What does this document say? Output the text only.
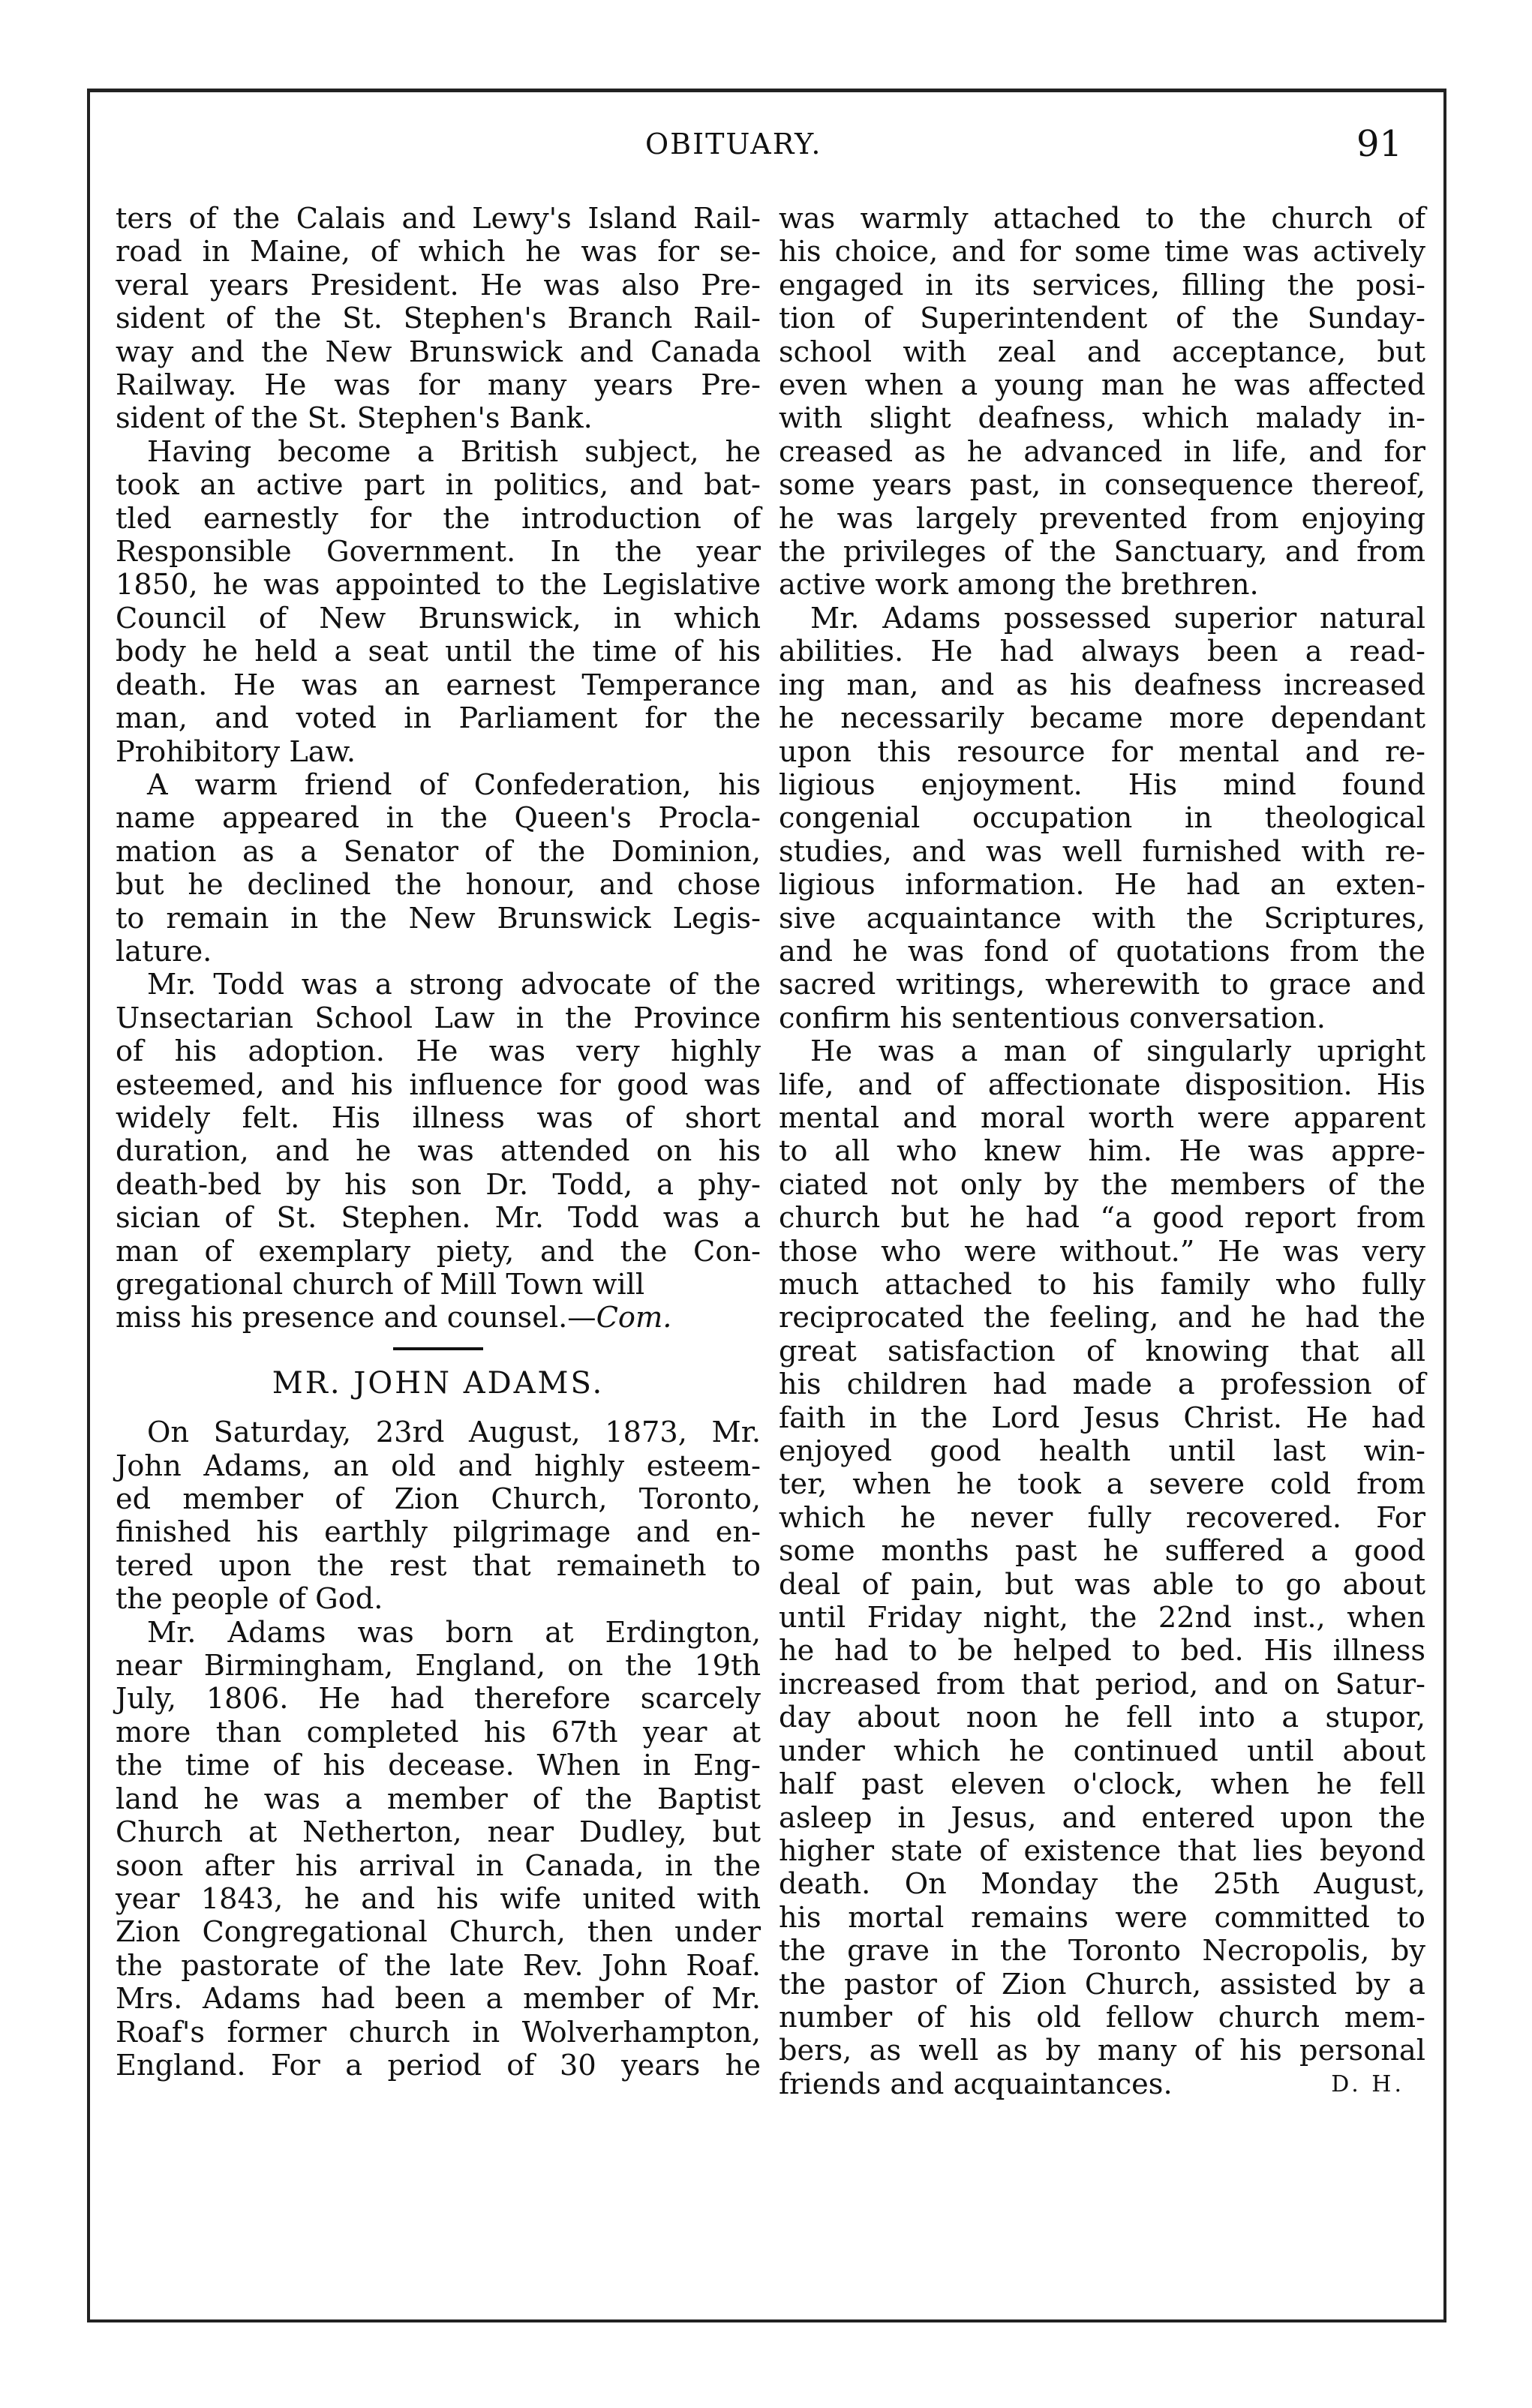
OBITUARY.	91

ters of the Calais and Lewy's Island Rail-
road in Maine, of which he was for se-
veral years President. He was also Pre-
sident of the St. Stephen's Branch Rail-
way and the New Brunswick and Canada
Railway. He was for many years Pre-
sident of the St. Stephen's Bank.

Having become a British subject, he
took an active part in politics, and bat-
tled earnestly for the introduction of
Responsible Government. In the year
1850, he was appointed to the Legislative
Council of New Brunswick, in which
body he held a seat until the time of his
death. He was an earnest Temperance
man, and voted in Parliament for the
Prohibitory Law.

A warm friend of Confederation, his
name appeared in the Queen's Procla-
mation as a Senator of the Dominion,
but he declined the honour, and chose
to remain in the New Brunswick Legis-
lature.

Mr. Todd was a strong advocate of the
Unsectarian School Law in the Province
of his adoption. He was very highly
esteemed, and his influence for good was
widely felt. His illness was of short
duration, and he was attended on his
death-bed by his son Dr. Todd, a phy-
sician of St. Stephen. Mr. Todd was a
man of exemplary piety, and the Con-
gregational church of Mill Town will

miss his presence and counsel.—Com.

MR. JOHN ADAMS.

On Saturday, 23rd August, 1873, Mr.
John Adams, an old and highly esteem-
ed member of Zion Church, Toronto,
finished his earthly pilgrimage and en-
tered upon the rest that remaineth to
the people of God.

Mr. Adams was born at Erdington,
near Birmingham, England, on the 19th
July, 1806. He had therefore scarcely
more than completed his 67th year at
the time of his decease. When in Eng-
land he was a member of the Baptist
Church at Netherton, near Dudley, but
soon after his arrival in Canada, in the
year 1843, he and his wife united with
Zion Congregational Church, then under
the pastorate of the late Rev. John Roaf.
Mrs. Adams had been a member of Mr.
Roaf's former church in Wolverhampton,
England. For a period of 30 years he

was warmly attached to the church of
his choice, and for some time was actively
engaged in its services, filling the posi-
tion of Superintendent of the Sunday-
school with zeal and acceptance, but
even when a young man he was affected
with slight deafness, which malady in-
creased as he advanced in life, and for
some years past, in consequence thereof,
he was largely prevented from enjoying
the privileges of the Sanctuary, and from
active work among the brethren.

Mr. Adams possessed superior natural
abilities. He had always been a read-
ing man, and as his deafness increased
he necessarily became more dependant
upon this resource for mental and re-
ligious enjoyment. His mind found
congenial occupation in theological
studies, and was well furnished with re-
ligious information. He had an exten-
sive acquaintance with the Scriptures,
and he was fond of quotations from the
sacred writings, wherewith to grace and
confirm his sententious conversation.

He was a man of singularly upright
life, and of affectionate disposition. His
mental and moral worth were apparent
to all who knew him. He was appre-
ciated not only by the members of the
church but he had “a good report from
those who were without.” He was very
much attached to his family who fully
reciprocated the feeling, and he had the
great satisfaction of knowing that all
his children had made a profession of
faith in the Lord Jesus Christ. He had
enjoyed good health until last win-
ter, when he took a severe cold from
which he never fully recovered. For
some months past he suffered a good
deal of pain, but was able to go about
until Friday night, the 22nd inst., when
he had to be helped to bed. His illness
increased from that period, and on Satur-
day about noon he fell into a stupor,
under which he continued until about
half past eleven o'clock, when he fell
asleep in Jesus, and entered upon the
higher state of existence that lies beyond
death. On Monday the 25th August,
his mortal remains were committed to
the grave in the Toronto Necropolis, by
the pastor of Zion Church, assisted by a
number of his old fellow church mem-
bers, as well as by many of his personal

friends and acquaintances.	D. H.
